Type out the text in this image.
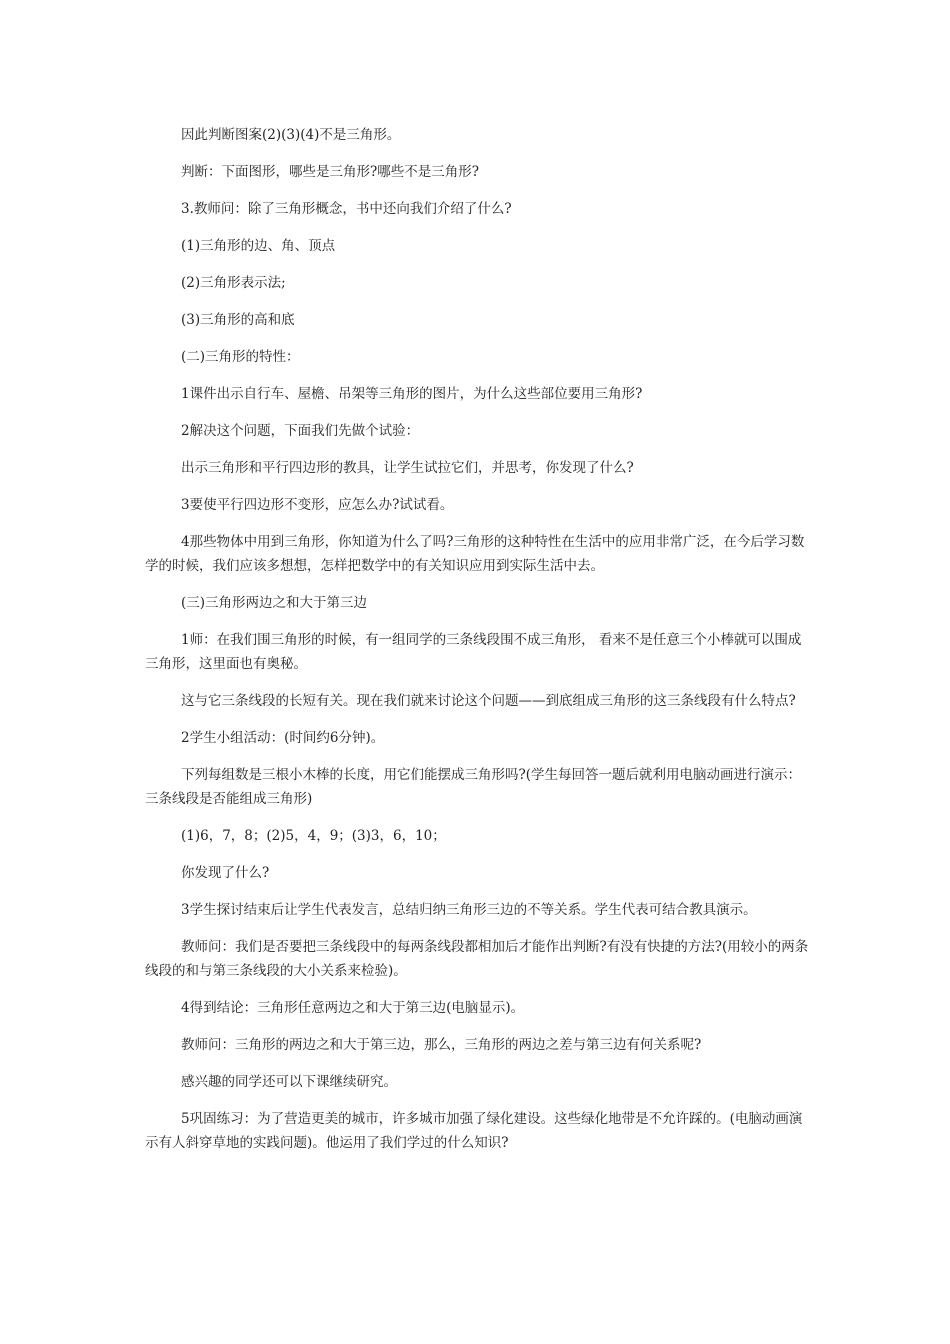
因此判断图案(2)(3)(4)不是三角形。

判断：下面图形，哪些是三角形?哪些不是三角形?

3.教师问：除了三角形概念，书中还向我们介绍了什么?

(1)三角形的边、角、顶点

(2)三角形表示法;

(3)三角形的高和底

(二)三角形的特性：

1课件出示自行车、屋檐、吊架等三角形的图片，为什么这些部位要用三角形?

2解决这个问题，下面我们先做个试验：

出示三角形和平行四边形的教具，让学生试拉它们，并思考，你发现了什么?

3要使平行四边形不变形，应怎么办?试试看。

4那些物体中用到三角形，你知道为什么了吗?三角形的这种特性在生活中的应用非常广泛，在今后学习数学的时候，我们应该多想想，怎样把数学中的有关知识应用到实际生活中去。

(三)三角形两边之和大于第三边

1师：在我们围三角形的时候，有一组同学的三条线段围不成三角形， 看来不是任意三个小棒就可以围成三角形，这里面也有奥秘。

这与它三条线段的长短有关。现在我们就来讨论这个问题——到底组成三角形的这三条线段有什么特点?

2学生小组活动：(时间约6分钟)。

下列每组数是三根小木棒的长度，用它们能摆成三角形吗?(学生每回答一题后就利用电脑动画进行演示：三条线段是否能组成三角形)

(1)6，7，8；(2)5，4，9；(3)3，6，10；

你发现了什么?

3学生探讨结束后让学生代表发言，总结归纳三角形三边的不等关系。学生代表可结合教具演示。

教师问：我们是否要把三条线段中的每两条线段都相加后才能作出判断?有没有快捷的方法?(用较小的两条线段的和与第三条线段的大小关系来检验)。

4得到结论：三角形任意两边之和大于第三边(电脑显示)。

教师问：三角形的两边之和大于第三边，那么，三角形的两边之差与第三边有何关系呢?

感兴趣的同学还可以下课继续研究。

5巩固练习：为了营造更美的城市，许多城市加强了绿化建设。这些绿化地带是不允许踩的。(电脑动画演示有人斜穿草地的实践问题)。他运用了我们学过的什么知识?
